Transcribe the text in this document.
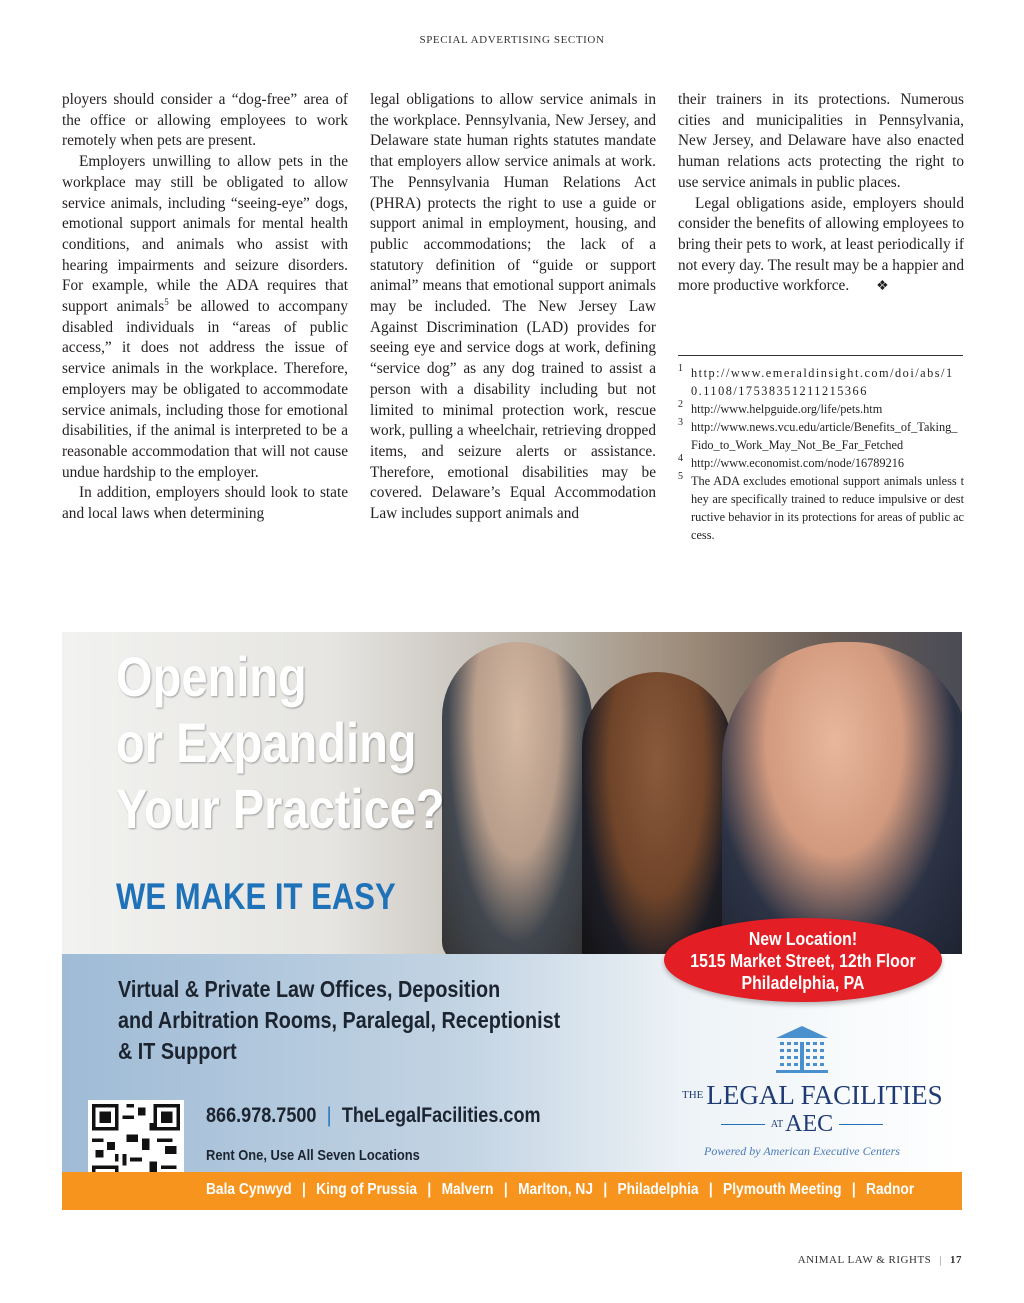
SPECIAL ADVERTISING SECTION

ployers should consider a “dog-free” area of the office or allowing employees to work remotely when pets are present.

Employers unwilling to allow pets in the workplace may still be obligated to allow service animals, including “seeing-eye” dogs, emotional support animals for mental health conditions, and animals who assist with hearing impairments and seizure disorders. For example, while the ADA requires that support animals$^5$ be allowed to accompany disabled individuals in “areas of public access,” it does not address the issue of service animals in the workplace. Therefore, employers may be obligated to accommodate service animals, including those for emotional disabilities, if the animal is interpreted to be a reasonable accommodation that will not cause undue hardship to the employer.

In addition, employers should look to state and local laws when determining

legal obligations to allow service animals in the workplace. Pennsylvania, New Jersey, and Delaware state human rights statutes mandate that employers allow service animals at work. The Pennsylvania Human Relations Act (PHRA) protects the right to use a guide or support animal in employment, housing, and public accommodations; the lack of a statutory definition of “guide or support animal” means that emotional support animals may be included. The New Jersey Law Against Discrimination (LAD) provides for seeing eye and service dogs at work, defining “service dog” as any dog trained to assist a person with a disability including but not limited to minimal protection work, rescue work, pulling a wheelchair, retrieving dropped items, and seizure alerts or assistance. Therefore, emotional disabilities may be covered. Delaware’s Equal Accommodation Law includes support animals and

their trainers in its protections. Numerous cities and municipalities in Pennsylvania, New Jersey, and Delaware have also enacted human relations acts protecting the right to use service animals in public places.

Legal obligations aside, employers should consider the benefits of allowing employees to bring their pets to work, at least periodically if not every day. The result may be a happier and more productive workforce. ❖

1 http://www.emeraldinsight.com/doi/abs/10.1108/17538351211215366
2 http://www.helpguide.org/life/pets.htm
3 http://www.news.vcu.edu/article/Benefits_of_Taking_Fido_to_Work_May_Not_Be_Far_Fetched
4 http://www.economist.com/node/16789216
5 The ADA excludes emotional support animals unless they are specifically trained to reduce impulsive or destructive behavior in its protections for areas of public access.
Opening
or Expanding
Your Practice?
WE MAKE IT EASY
New Location!
1515 Market Street, 12th Floor
Philadelphia, PA
Virtual & Private Law Offices, Deposition
and Arbitration Rooms, Paralegal, Receptionist
& IT Support
866.978.7500 | TheLegalFacilities.com
Rent One, Use All Seven Locations
$^{THE}$ LEGAL FACILITIES
AT AEC
Powered by American Executive Centers
Bala Cynwyd | King of Prussia | Malvern | Marlton, NJ | Philadelphia | Plymouth Meeting | Radnor
ANIMAL LAW & RIGHTS | 17
